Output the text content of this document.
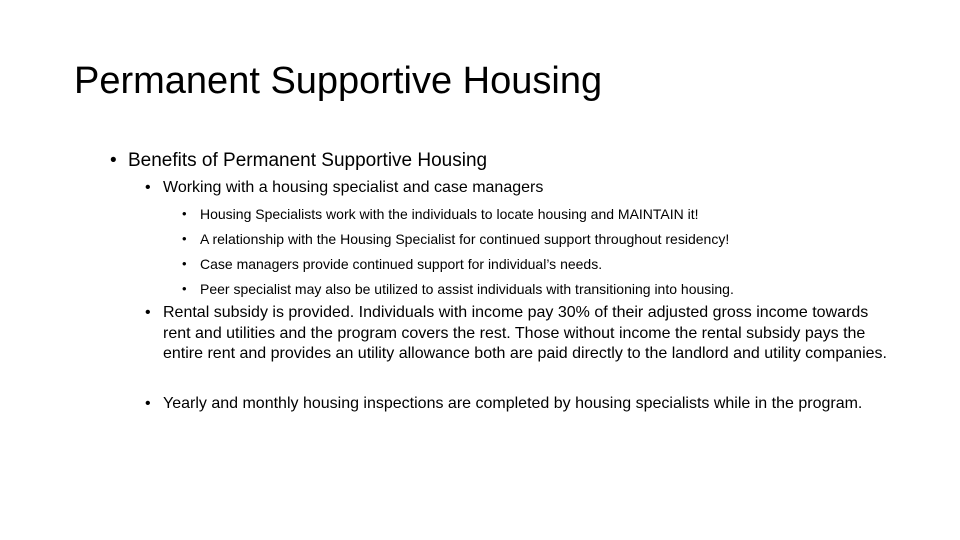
Permanent Supportive Housing
• Benefits of Permanent Supportive Housing
• Working with a housing specialist and case managers
• Housing Specialists work with the individuals to locate housing and MAINTAIN it!
• A relationship with the Housing Specialist for continued support throughout residency!
• Case managers provide continued support for individual’s needs.
• Peer specialist may also be utilized to assist individuals with transitioning into housing.
• Rental subsidy is provided. Individuals with income pay 30% of their adjusted gross income towards rent and utilities and the program covers the rest. Those without income the rental subsidy pays the entire rent and provides an utility allowance both are paid directly to the landlord and utility companies.
• Yearly and monthly housing inspections are completed by housing specialists while in the program.
